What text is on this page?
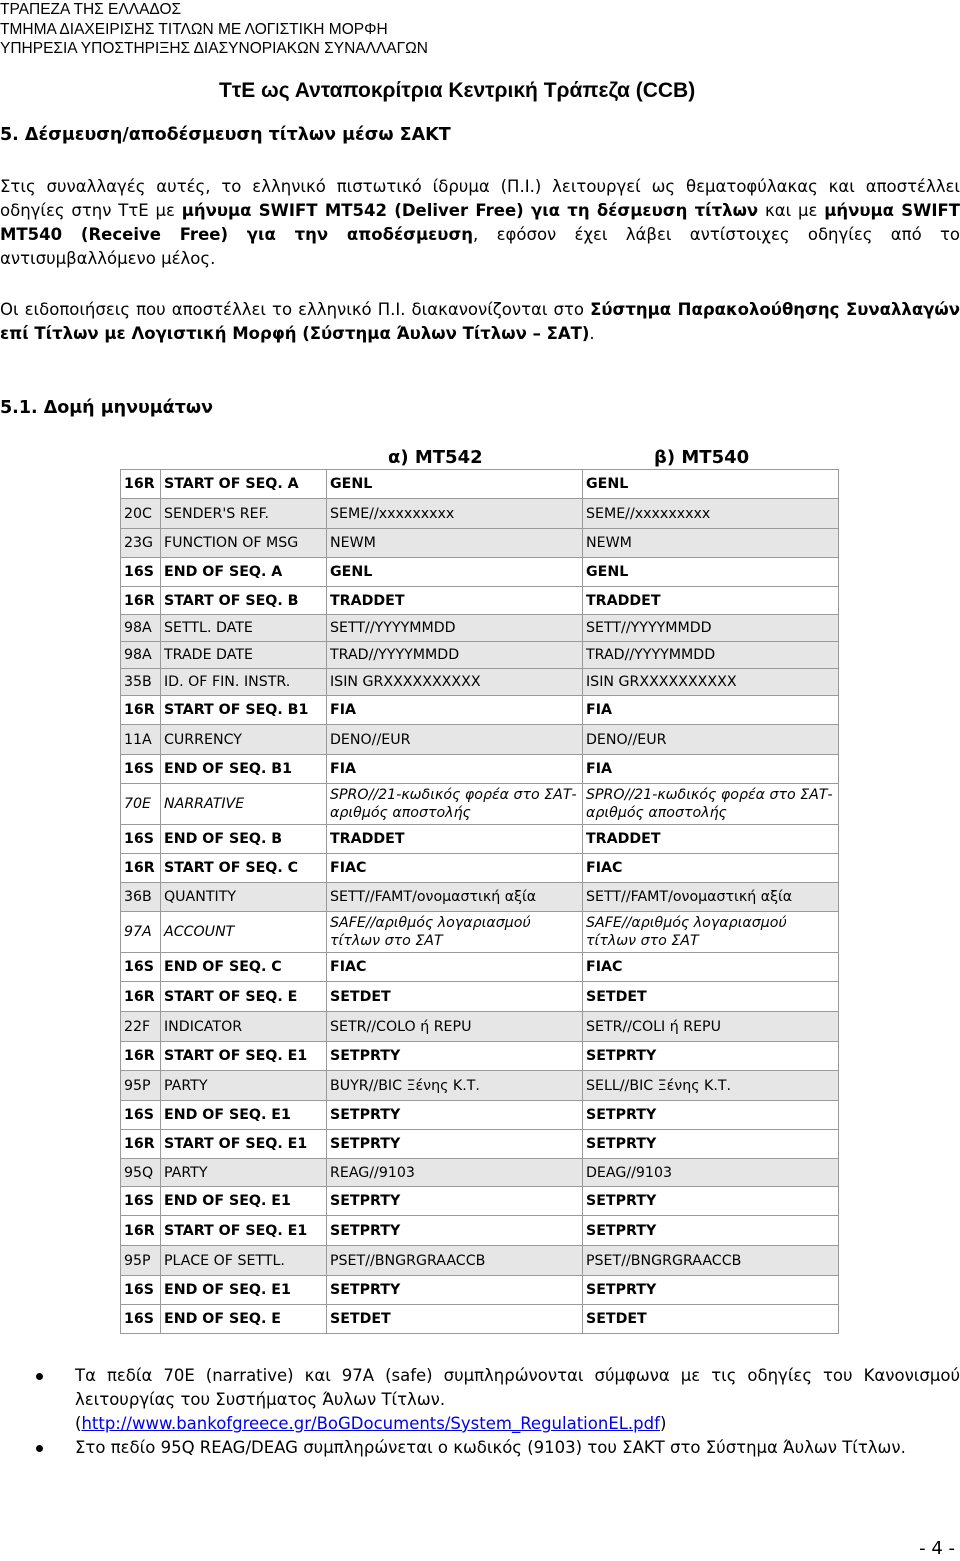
ΤΡΑΠΕΖΑ ΤΗΣ ΕΛΛΑΔΟΣ
ΤΜΗΜΑ ΔΙΑΧΕΙΡΙΣΗΣ ΤΙΤΛΩΝ ΜΕ ΛΟΓΙΣΤΙΚΗ ΜΟΡΦΗ
ΥΠΗΡΕΣΙΑ ΥΠΟΣΤΗΡΙΞΗΣ ΔΙΑΣΥΝΟΡΙΑΚΩΝ ΣΥΝΑΛΛΑΓΩΝ
ΤτΕ ως Ανταποκρίτρια Κεντρική Τράπεζα (CCB)
5. Δέσμευση/αποδέσμευση τίτλων μέσω ΣΑΚΤ
Στις συναλλαγές αυτές, το ελληνικό πιστωτικό ίδρυμα (Π.Ι.) λειτουργεί ως θεματοφύλακας και αποστέλλει οδηγίες στην ΤτΕ με μήνυμα SWIFT MT542 (Deliver Free) για τη δέσμευση τίτλων και με μήνυμα SWIFT MT540 (Receive Free) για την αποδέσμευση, εφόσον έχει λάβει αντίστοιχες οδηγίες από το αντισυμβαλλόμενο μέλος.
Οι ειδοποιήσεις που αποστέλλει το ελληνικό Π.Ι. διακανονίζονται στο Σύστημα Παρακολούθησης Συναλλαγών επί Τίτλων με Λογιστική Μορφή (Σύστημα Άυλων Τίτλων – ΣΑΤ).
5.1. Δομή μηνυμάτων
α) MT542	β) MT540
16R	START OF SEQ. A	GENL	GENL
20C	SENDER'S REF.	SEME//xxxxxxxxx	SEME//xxxxxxxxx
23G	FUNCTION OF MSG	NEWM	NEWM
16S	END OF SEQ. A	GENL	GENL
16R	START OF SEQ. B	TRADDET	TRADDET
98A	SETTL. DATE	SETT//YYYYMMDD	SETT//YYYYMMDD
98A	TRADE DATE	TRAD//YYYYMMDD	TRAD//YYYYMMDD
35B	ID. OF FIN. INSTR.	ISIN GRXXXXXXXXXX	ISIN GRXXXXXXXXXX
16R	START OF SEQ. B1	FIA	FIA
11A	CURRENCY	DENO//EUR	DENO//EUR
16S	END OF SEQ. B1	FIA	FIA
70E	NARRATIVE	SPRO//21-κωδικός φορέα στο ΣΑΤ-αριθμός αποστολής	SPRO//21-κωδικός φορέα στο ΣΑΤ-αριθμός αποστολής
16S	END OF SEQ. B	TRADDET	TRADDET
16R	START OF SEQ. C	FIAC	FIAC
36B	QUANTITY	SETT//FAMT/ονομαστική αξία	SETT//FAMT/ονομαστική αξία
97A	ACCOUNT	SAFE//αριθμός λογαριασμού τίτλων στο ΣΑΤ	SAFE//αριθμός λογαριασμού τίτλων στο ΣΑΤ
16S	END OF SEQ. C	FIAC	FIAC
16R	START OF SEQ. E	SETDET	SETDET
22F	INDICATOR	SETR//COLO ή REPU	SETR//COLI ή REPU
16R	START OF SEQ. E1	SETPRTY	SETPRTY
95P	PARTY	BUYR//BIC Ξένης Κ.Τ.	SELL//BIC Ξένης Κ.Τ.
16S	END OF SEQ. E1	SETPRTY	SETPRTY
16R	START OF SEQ. E1	SETPRTY	SETPRTY
95Q	PARTY	REAG//9103	DEAG//9103
16S	END OF SEQ. E1	SETPRTY	SETPRTY
16R	START OF SEQ. E1	SETPRTY	SETPRTY
95P	PLACE OF SETTL.	PSET//BNGRGRAACCB	PSET//BNGRGRAACCB
16S	END OF SEQ. E1	SETPRTY	SETPRTY
16S	END OF SEQ. E	SETDET	SETDET
Τα πεδία 70E (narrative) και 97A (safe) συμπληρώνονται σύμφωνα με τις οδηγίες του Κανονισμού λειτουργίας του Συστήματος Άυλων Τίτλων.
(http://www.bankofgreece.gr/BoGDocuments/System_RegulationEL.pdf)
Στο πεδίο 95Q REAG/DEAG συμπληρώνεται ο κωδικός (9103) του ΣΑΚΤ στο Σύστημα Άυλων Τίτλων.
- 4 -
